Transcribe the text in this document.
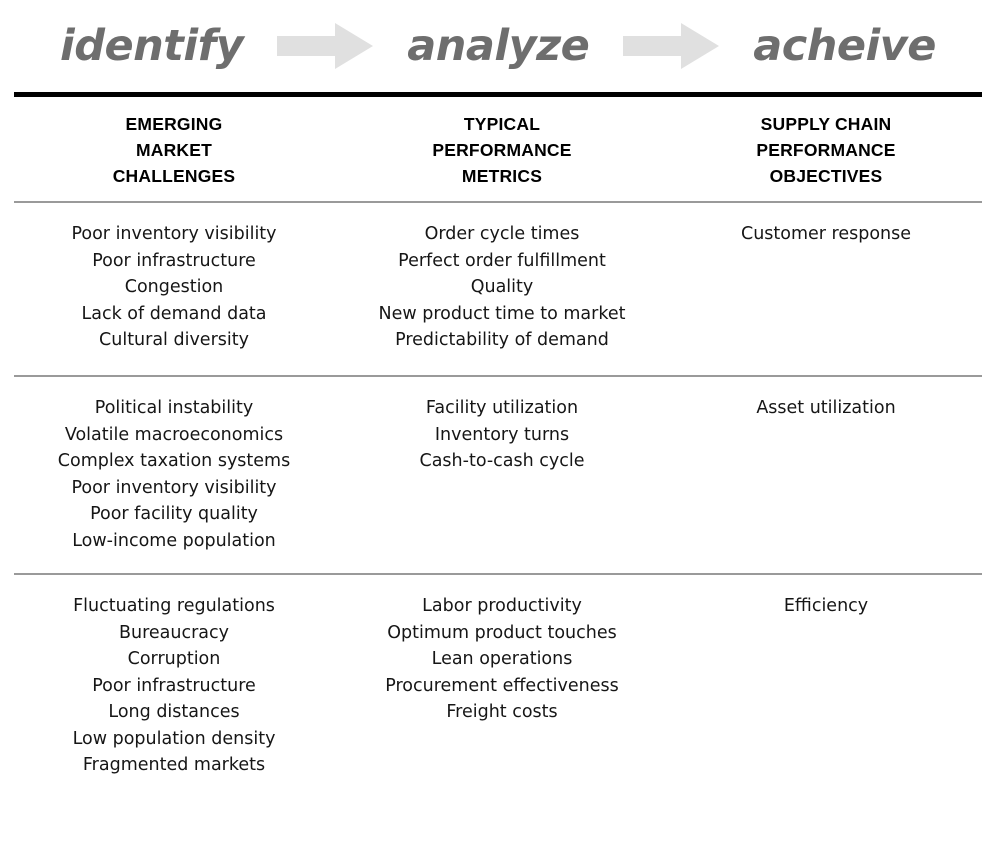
identify	analyze	acheive
EMERGING
MARKET
CHALLENGES
TYPICAL
PERFORMANCE
METRICS
SUPPLY CHAIN
PERFORMANCE
OBJECTIVES
Poor inventory visibility
Poor infrastructure
Congestion
Lack of demand data
Cultural diversity
Order cycle times
Perfect order fulfillment
Quality
New product time to market
Predictability of demand
Customer response
Political instability
Volatile macroeconomics
Complex taxation systems
Poor inventory visibility
Poor facility quality
Low-income population
Facility utilization
Inventory turns
Cash-to-cash cycle
Asset utilization
Fluctuating regulations
Bureaucracy
Corruption
Poor infrastructure
Long distances
Low population density
Fragmented markets
Labor productivity
Optimum product touches
Lean operations
Procurement effectiveness
Freight costs
Efficiency
